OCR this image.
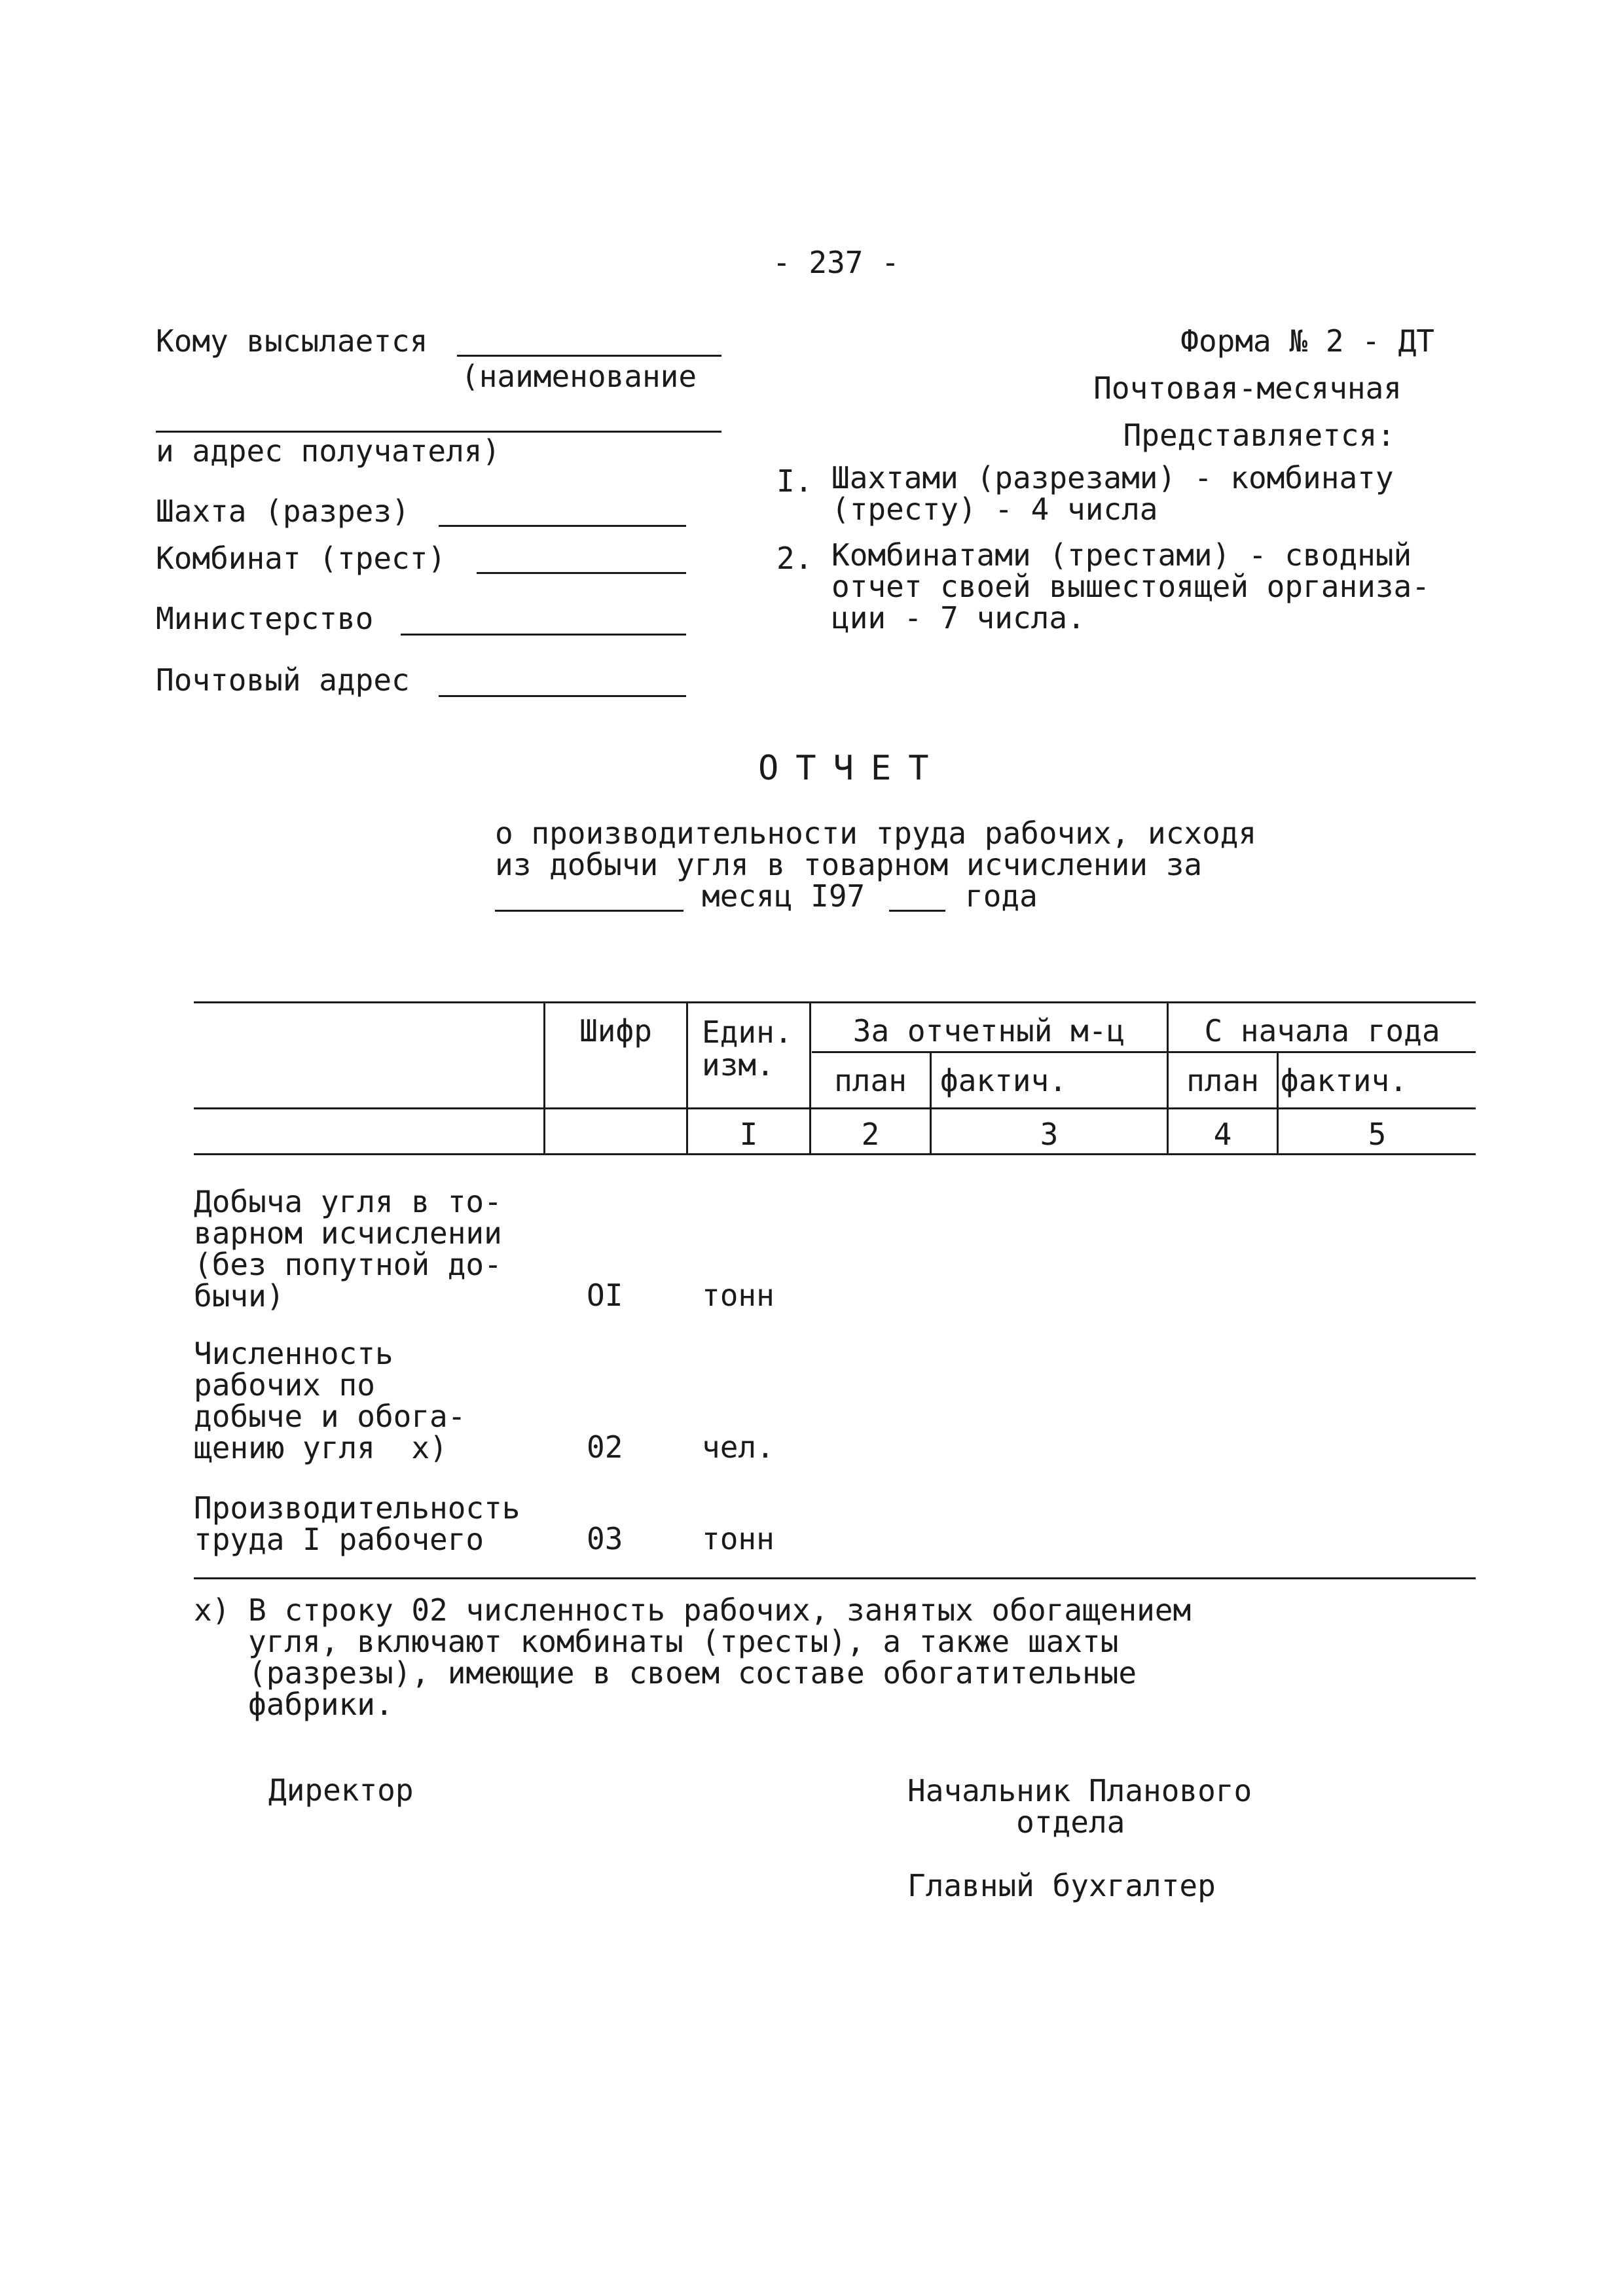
- 237 -
Кому высылается
(наименование
и адрес получателя)
Шахта (разрез)
Комбинат (трест)
Министерство
Почтовый адрес
Форма № 2 - ДТ
Почтовая-месячная
Представляется:
I. Шахтами (разрезами) - комбинату
(тресту) - 4 числа
2. Комбинатами (трестами) - сводный
отчет своей вышестоящей организа-
ции - 7 числа.
ОТЧЕТ
о производительности труда рабочих, исходя
из добычи угля в товарном исчислении за
месяц I97	года
Шифр	Един.
изм.
За отчетный м-ц	С начала года
план	фактич.	план фактич.
I	2	3	4	5
Добыча угля в то-
варном исчислении
(без попутной до-
бычи)	OI	тонн
Численность
рабочих по
добыче и обога-
щению угля  х)	02	чел.
Производительность
труда I рабочего	03	тонн
х) В строку 02 численность рабочих, занятых обогащением
угля, включают комбинаты (тресты), а также шахты
(разрезы), имеющие в своем составе обогатительные
фабрики.
Директор	Начальник Планового
отдела
Главный бухгалтер
